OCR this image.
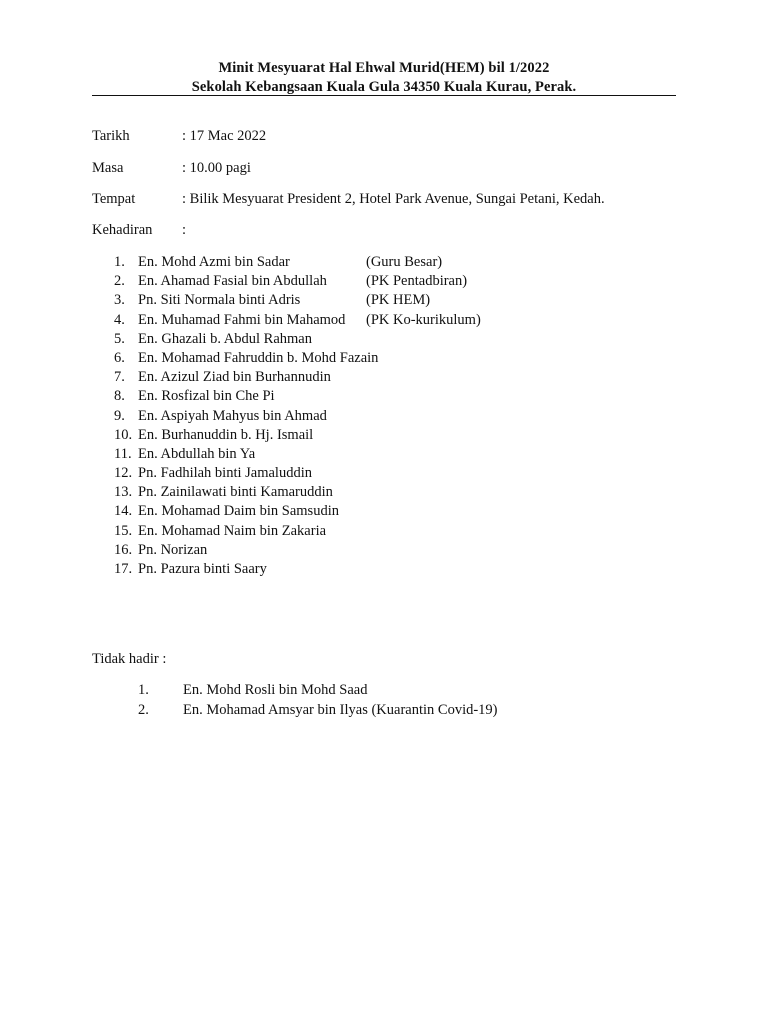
Minit Mesyuarat Hal Ehwal Murid(HEM) bil 1/2022
Sekolah Kebangsaan Kuala Gula 34350 Kuala Kurau, Perak.
Tarikh	: 17 Mac 2022
Masa	: 10.00 pagi
Tempat	: Bilik Mesyuarat President 2, Hotel Park Avenue, Sungai Petani, Kedah.
Kehadiran :
1. En. Mohd Azmi bin Sadar	(Guru Besar)
2. En. Ahamad Fasial bin Abdullah	(PK Pentadbiran)
3. Pn. Siti Normala binti Adris	(PK HEM)
4. En. Muhamad Fahmi bin Mahamod (PK Ko-kurikulum)
5. En. Ghazali b. Abdul Rahman
6. En. Mohamad Fahruddin b. Mohd Fazain
7. En. Azizul Ziad bin Burhannudin
8. En. Rosfizal bin Che Pi
9. En. Aspiyah Mahyus bin Ahmad
10. En. Burhanuddin b. Hj. Ismail
11. En. Abdullah bin Ya
12. Pn. Fadhilah binti Jamaluddin
13. Pn. Zainilawati binti Kamaruddin
14. En. Mohamad Daim bin Samsudin
15. En. Mohamad Naim bin Zakaria
16. Pn. Norizan
17. Pn. Pazura binti Saary
Tidak hadir :
1. En. Mohd Rosli bin Mohd Saad
2. En. Mohamad Amsyar bin Ilyas (Kuarantin Covid-19)
